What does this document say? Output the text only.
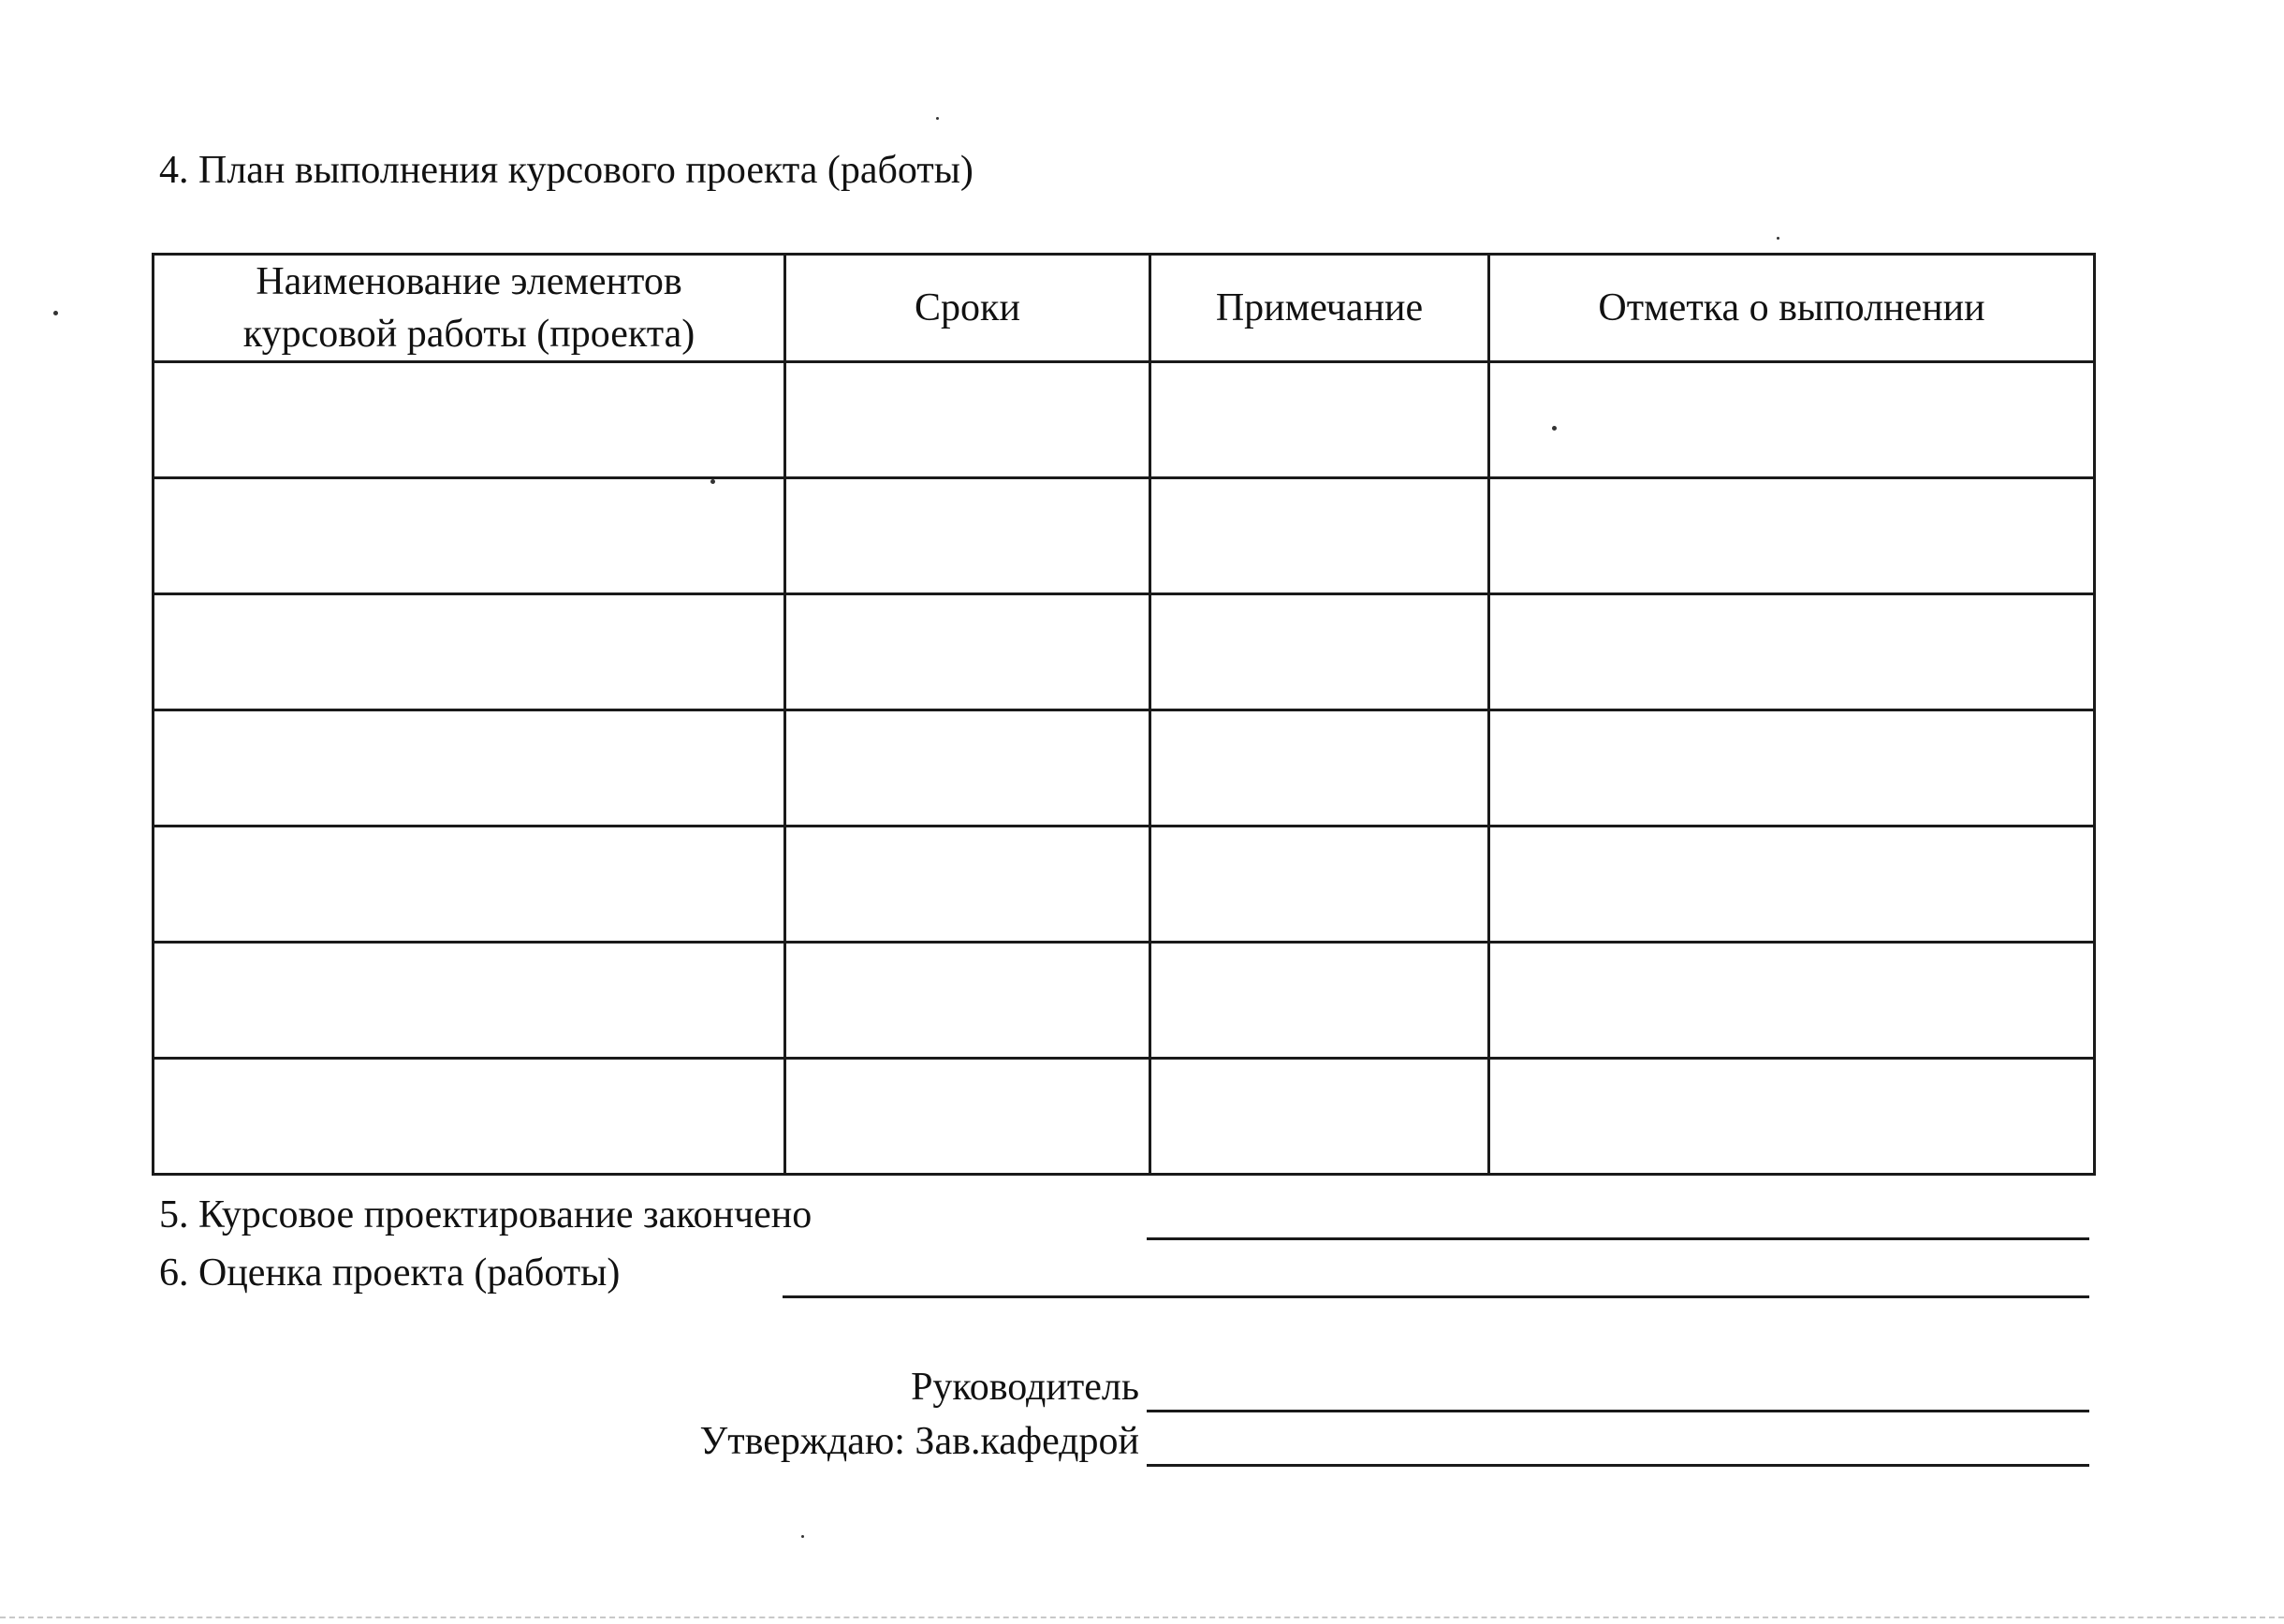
4. План выполнения курсового проекта (работы)
Наименование элементов курсовой работы (проекта)	Сроки	Примечание	Отметка о выполнении

5. Курсовое проектирование закончено
6. Оценка проекта (работы)
Руководитель
Утверждаю: Зав.кафедрой
